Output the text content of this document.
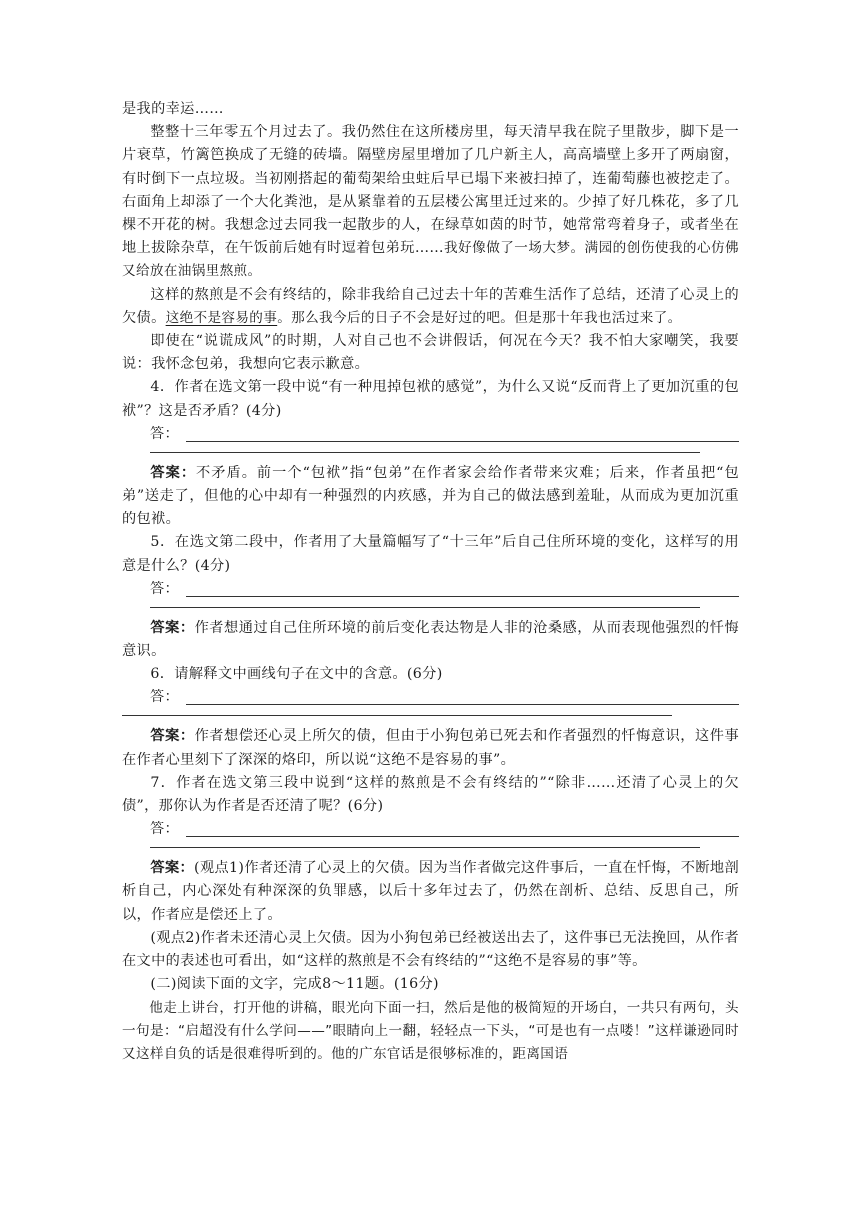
是我的幸运……

整整十三年零五个月过去了。我仍然住在这所楼房里，每天清早我在院子里散步，脚下是一片衰草，竹篱笆换成了无缝的砖墙。隔壁房屋里增加了几户新主人，高高墙壁上多开了两扇窗，有时倒下一点垃圾。当初刚搭起的葡萄架给虫蛀后早已塌下来被扫掉了，连葡萄藤也被挖走了。右面角上却添了一个大化粪池，是从紧靠着的五层楼公寓里迁过来的。少掉了好几株花，多了几棵不开花的树。我想念过去同我一起散步的人，在绿草如茵的时节，她常常弯着身子，或者坐在地上拔除杂草，在午饭前后她有时逗着包弟玩……我好像做了一场大梦。满园的创伤使我的心仿佛又给放在油锅里熬煎。

这样的熬煎是不会有终结的，除非我给自己过去十年的苦难生活作了总结，还清了心灵上的欠债。这绝不是容易的事。那么我今后的日子不会是好过的吧。但是那十年我也活过来了。

即使在“说谎成风”的时期，人对自己也不会讲假话，何况在今天？我不怕大家嘲笑，我要说：我怀念包弟，我想向它表示歉意。

4．作者在选文第一段中说“有一种甩掉包袱的感觉”，为什么又说“反而背上了更加沉重的包袱”？这是否矛盾？(4分)

答：

答案：不矛盾。前一个“包袱”指“包弟”在作者家会给作者带来灾难；后来，作者虽把“包弟”送走了，但他的心中却有一种强烈的内疚感，并为自己的做法感到羞耻，从而成为更加沉重的包袱。

5．在选文第二段中，作者用了大量篇幅写了“十三年”后自己住所环境的变化，这样写的用意是什么？(4分)

答：

答案：作者想通过自己住所环境的前后变化表达物是人非的沧桑感，从而表现他强烈的忏悔意识。

6．请解释文中画线句子在文中的含意。(6分)

答：

答案：作者想偿还心灵上所欠的债，但由于小狗包弟已死去和作者强烈的忏悔意识，这件事在作者心里刻下了深深的烙印，所以说“这绝不是容易的事”。

7．作者在选文第三段中说到“这样的熬煎是不会有终结的”“除非……还清了心灵上的欠债”，那你认为作者是否还清了呢？(6分)

答：

答案：(观点1)作者还清了心灵上的欠债。因为当作者做完这件事后，一直在忏悔，不断地剖析自己，内心深处有种深深的负罪感，以后十多年过去了，仍然在剖析、总结、反思自己，所以，作者应是偿还上了。

(观点2)作者未还清心灵上欠债。因为小狗包弟已经被送出去了，这件事已无法挽回，从作者在文中的表述也可看出，如“这样的熬煎是不会有终结的”“这绝不是容易的事”等。

(二)阅读下面的文字，完成8～11题。(16分)

他走上讲台，打开他的讲稿，眼光向下面一扫，然后是他的极简短的开场白，一共只有两句，头一句是：“启超没有什么学问——”眼睛向上一翻，轻轻点一下头，“可是也有一点喽！”这样谦逊同时又这样自负的话是很难得听到的。他的广东官话是很够标准的，距离国语
